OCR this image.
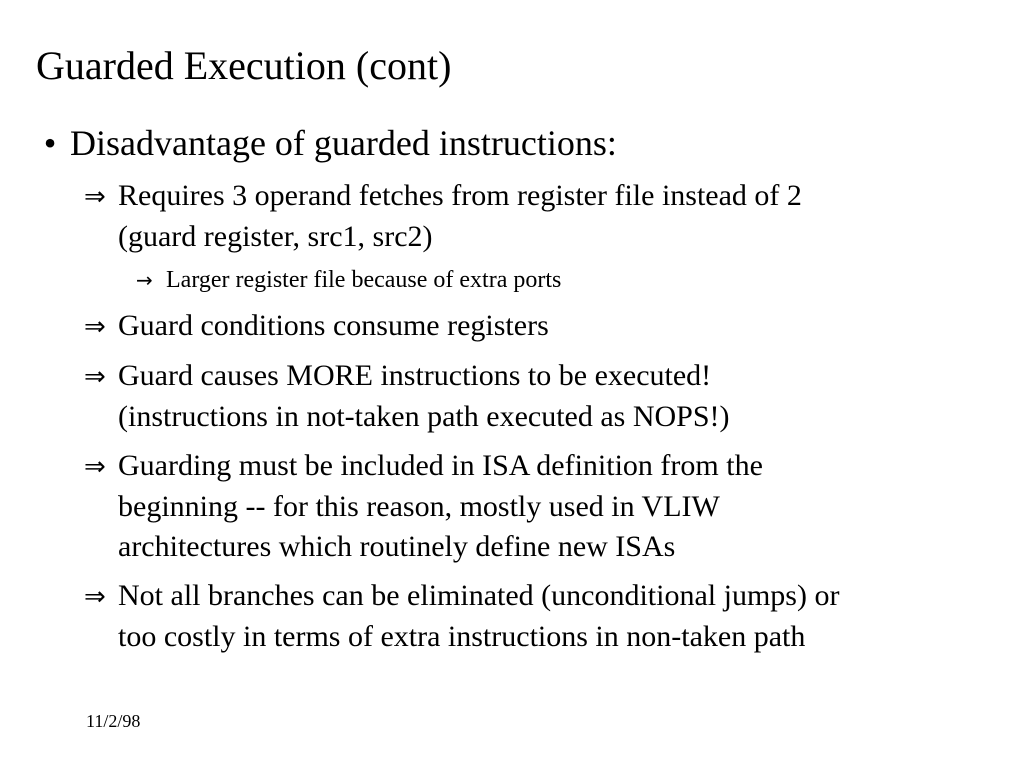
Guarded Execution (cont)
• Disadvantage of guarded instructions:
⇒ Requires 3 operand fetches from register file instead of 2
(guard register, src1, src2)
→ Larger register file because of extra ports
⇒ Guard conditions consume registers
⇒ Guard causes MORE instructions to be executed!
(instructions in not-taken path executed as NOPS!)
⇒ Guarding must be included in ISA definition from the
beginning -- for this reason, mostly used in VLIW
architectures which routinely define new ISAs
⇒ Not all branches can be eliminated (unconditional jumps) or
too costly in terms of extra instructions in non-taken path
11/2/98
